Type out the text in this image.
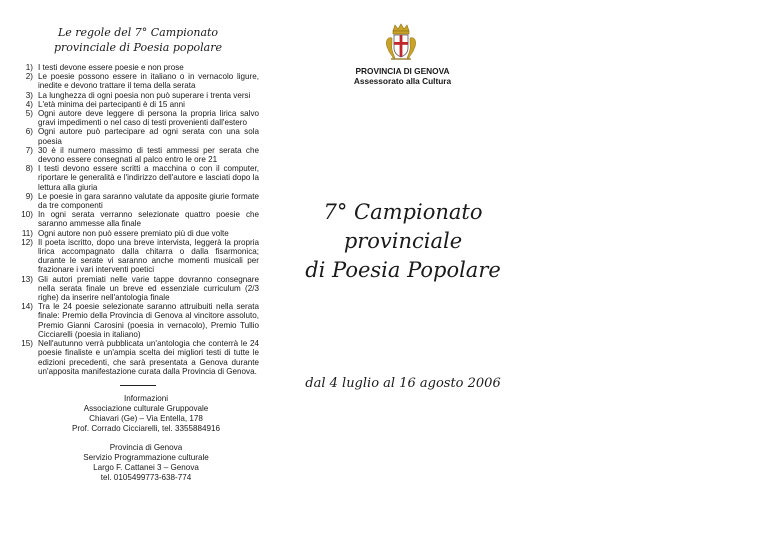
Le regole del 7° Campionato
provinciale di Poesia popolare
1) I testi devone essere poesie e non prose
2) Le poesie possono essere in italiano o in vernacolo ligure, inedite e devono trattare il tema della serata
3) La lunghezza di ogni poesia non può superare i trenta versi
4) L'età minima dei partecipanti è di 15 anni
5) Ogni autore deve leggere di persona la propria lirica salvo gravi impedimenti o nel caso di testi provenienti dall'estero
6) Ogni autore può partecipare ad ogni serata con una sola poesia
7) 30 è il numero massimo di testi ammessi per serata che devono essere consegnati al palco entro le ore 21
8) I testi devono essere scritti a macchina o con il computer, riportare le generalità e l'indirizzo dell'autore e lasciati dopo la lettura alla giuria
9) Le poesie in gara saranno valutate da apposite giurie formate da tre componenti
10) In ogni serata verranno selezionate quattro poesie che saranno ammesse alla finale
11) Ogni autore non può essere premiato più di due volte
12) Il poeta iscritto, dopo una breve intervista, leggerà la propria lirica accompagnato dalla chitarra o dalla fisarmonica; durante le serate vi saranno anche momenti musicali per frazionare i vari interventi poetici
13) Gli autori premiati nelle varie tappe dovranno consegnare nella serata finale un breve ed essenziale curriculum (2/3 righe) da inserire nell'antologia finale
14) Tra le 24 poesie selezionate saranno attruibuiti nella serata finale: Premio della Provincia di Genova al vincitore assoluto, Premio Gianni Carosini (poesia in vernacolo), Premio Tullio Cicciarelli (poesia in italiano)
15) Nell'autunno verrà pubblicata un'antologia che conterrà le 24 poesie finaliste e un'ampia scelta dei migliori testi di tutte le edizioni precedenti, che sarà presentata a Genova durante un'apposita manifestazione curata dalla Provincia di Genova.
Informazioni
Associazione culturale Gruppovale
Chiavari (Ge) – Via Entella, 178
Prof. Corrado Cicciarelli, tel. 3355884916
Provincia di Genova
Servizio Programmazione culturale
Largo F. Cattanei 3 – Genova
tel. 0105499773-638-774
PROVINCIA DI GENOVA
Assessorato alla Cultura
7° Campionato
provinciale
di Poesia Popolare
dal 4 luglio al 16 agosto 2006
